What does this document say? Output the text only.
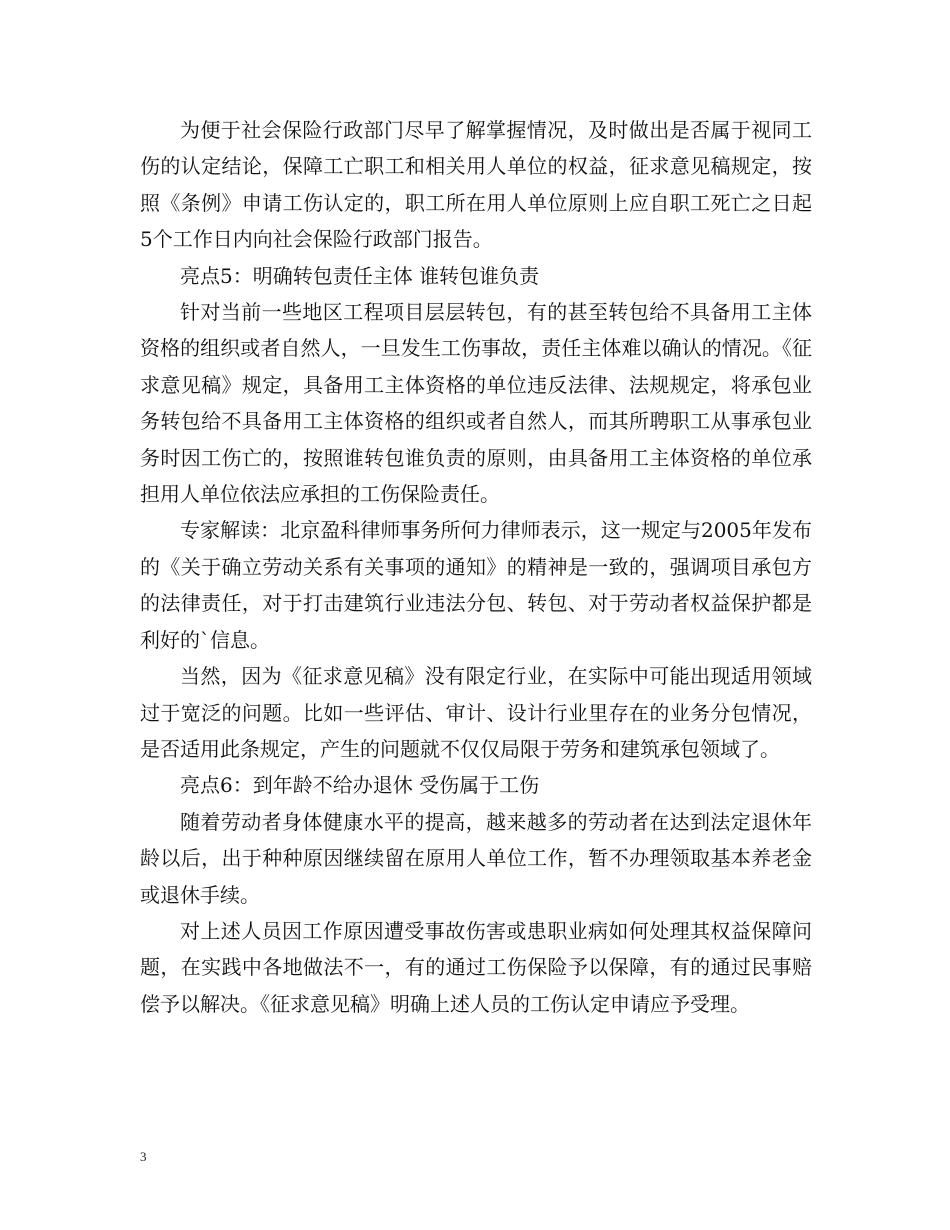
为便于社会保险行政部门尽早了解掌握情况，及时做出是否属于视同工伤的认定结论，保障工亡职工和相关用人单位的权益，征求意见稿规定，按照《条例》申请工伤认定的，职工所在用人单位原则上应自职工死亡之日起5个工作日内向社会保险行政部门报告。

亮点5：明确转包责任主体 谁转包谁负责

针对当前一些地区工程项目层层转包，有的甚至转包给不具备用工主体资格的组织或者自然人，一旦发生工伤事故，责任主体难以确认的情况。《征求意见稿》规定，具备用工主体资格的单位违反法律、法规规定，将承包业务转包给不具备用工主体资格的组织或者自然人，而其所聘职工从事承包业务时因工伤亡的，按照谁转包谁负责的原则，由具备用工主体资格的单位承担用人单位依法应承担的工伤保险责任。

专家解读：北京盈科律师事务所何力律师表示，这一规定与2005年发布的《关于确立劳动关系有关事项的通知》的精神是一致的，强调项目承包方的法律责任，对于打击建筑行业违法分包、转包、对于劳动者权益保护都是利好的`信息。

当然，因为《征求意见稿》没有限定行业，在实际中可能出现适用领域过于宽泛的问题。比如一些评估、审计、设计行业里存在的业务分包情况，是否适用此条规定，产生的问题就不仅仅局限于劳务和建筑承包领域了。

亮点6：到年龄不给办退休 受伤属于工伤

随着劳动者身体健康水平的提高，越来越多的劳动者在达到法定退休年龄以后，出于种种原因继续留在原用人单位工作，暂不办理领取基本养老金或退休手续。

对上述人员因工作原因遭受事故伤害或患职业病如何处理其权益保障问题，在实践中各地做法不一，有的通过工伤保险予以保障，有的通过民事赔偿予以解决。《征求意见稿》明确上述人员的工伤认定申请应予受理。

3
